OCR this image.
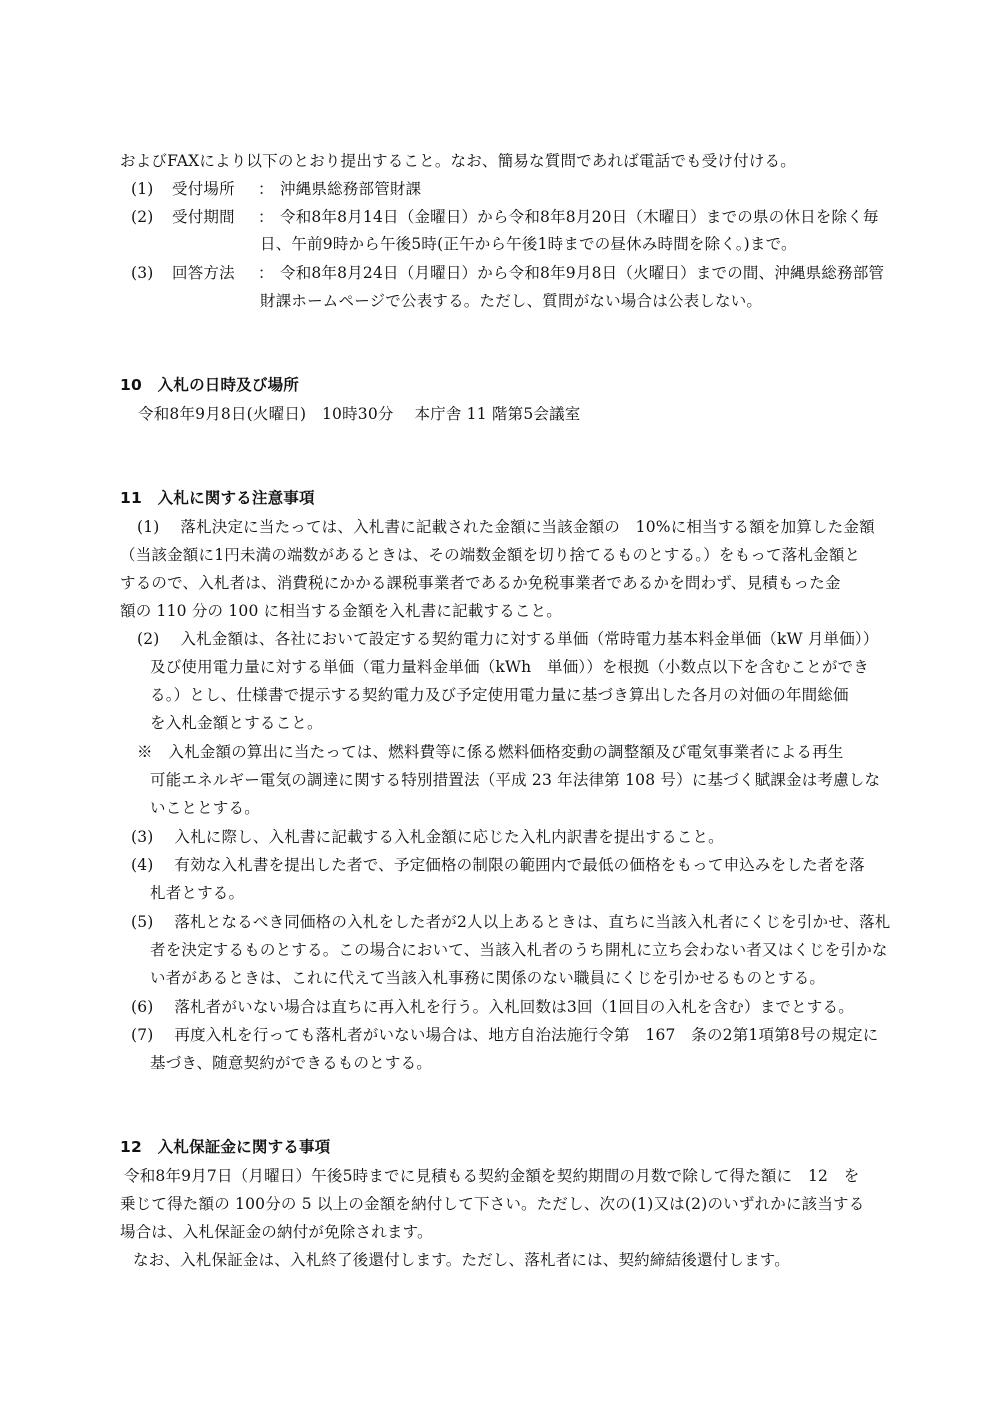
およびFAXにより以下のとおり提出すること。なお、簡易な質問であれば電話でも受け付ける。
(1) 受付場所 ： 沖縄県総務部管財課
(2) 受付期間 ： 令和8年8月14日（金曜日）から令和8年8月20日（木曜日）までの県の休日を除く毎
日、午前9時から午後5時(正午から午後1時までの昼休み時間を除く。)まで。
(3) 回答方法 ： 令和8年8月24日（月曜日）から令和8年9月8日（火曜日）までの間、沖縄県総務部管
財課ホームページで公表する。ただし、質問がない場合は公表しない。
10　入札の日時及び場所
令和8年9月8日(火曜日)　10時30分　 本庁舎 11 階第5会議室
11　入札に関する注意事項
(1)　 落札決定に当たっては、入札書に記載された金額に当該金額の　10%に相当する額を加算した金額
（当該金額に1円未満の端数があるときは、その端数金額を切り捨てるものとする。）をもって落札金額と
するので、入札者は、消費税にかかる課税事業者であるか免税事業者であるかを問わず、見積もった金
額の 110 分の 100 に相当する金額を入札書に記載すること。
(2)　 入札金額は、各社において設定する契約電力に対する単価（常時電力基本料金単価（kW 月単価））
及び使用電力量に対する単価（電力量料金単価（kWh　単価））を根拠（小数点以下を含むことができ
る。）とし、仕様書で提示する契約電力及び予定使用電力量に基づき算出した各月の対価の年間総価
を入札金額とすること。
※　入札金額の算出に当たっては、燃料費等に係る燃料価格変動の調整額及び電気事業者による再生
可能エネルギー電気の調達に関する特別措置法（平成 23 年法律第 108 号）に基づく賦課金は考慮しな
いこととする。
(3)　 入札に際し、入札書に記載する入札金額に応じた入札内訳書を提出すること。
(4)　 有効な入札書を提出した者で、予定価格の制限の範囲内で最低の価格をもって申込みをした者を落
札者とする。
(5)　 落札となるべき同価格の入札をした者が2人以上あるときは、直ちに当該入札者にくじを引かせ、落札
者を決定するものとする。この場合において、当該入札者のうち開札に立ち会わない者又はくじを引かな
い者があるときは、これに代えて当該入札事務に関係のない職員にくじを引かせるものとする。
(6)　 落札者がいない場合は直ちに再入札を行う。入札回数は3回（1回目の入札を含む）までとする。
(7)　 再度入札を行っても落札者がいない場合は、地方自治法施行令第　167　条の2第1項第8号の規定に
基づき、随意契約ができるものとする。
12　入札保証金に関する事項
令和8年9月7日（月曜日）午後5時までに見積もる契約金額を契約期間の月数で除して得た額に　12　を
乗じて得た額の 100分の 5 以上の金額を納付して下さい。ただし、次の(1)又は(2)のいずれかに該当する
場合は、入札保証金の納付が免除されます。
なお、入札保証金は、入札終了後還付します。ただし、落札者には、契約締結後還付します。
